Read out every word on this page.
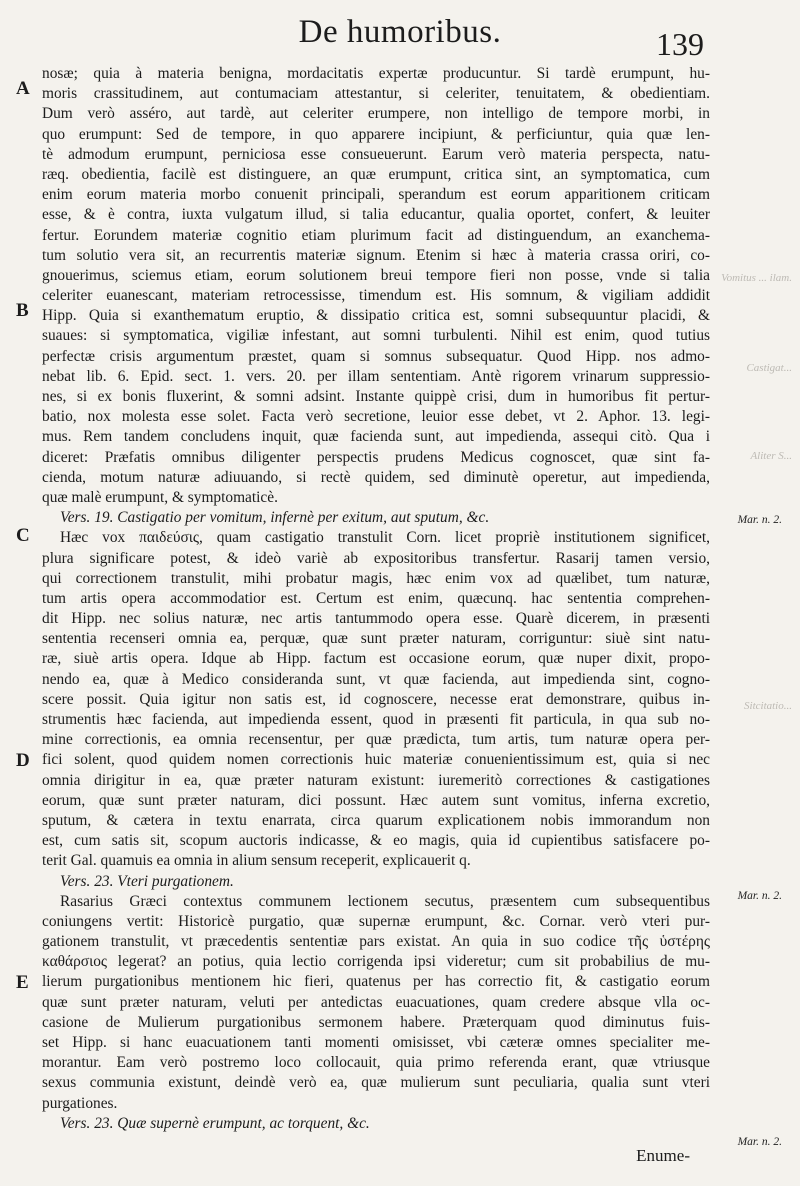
De humoribus.	139
A
B
C
D
E
Vomitus ... ilam.
Castigat...
Aliter S...
Sitcitatio...
Mar. n. 2.
Mar. n. 2.
Mar. n. 2.
nosæ; quia à materia benigna, mordacitatis expertæ producuntur. Si tardè erumpunt, hu-
moris crassitudinem, aut contumaciam attestantur, si celeriter, tenuitatem, & obedientiam.
Dum verò asséro, aut tardè, aut celeriter erumpere, non intelligo de tempore morbi, in
quo erumpunt: Sed de tempore, in quo apparere incipiunt, & perficiuntur, quia quæ len-
tè admodum erumpunt, perniciosa esse consueuerunt. Earum verò materia perspecta, natu-
ræq. obedientia, facilè est distinguere, an quæ erumpunt, critica sint, an symptomatica, cum
enim eorum materia morbo conuenit principali, sperandum est eorum apparitionem criticam
esse, & è contra, iuxta vulgatum illud, si talia educantur, qualia oportet, confert, & leuiter
fertur. Eorundem materiæ cognitio etiam plurimum facit ad distinguendum, an exanchema-
tum solutio vera sit, an recurrentis materiæ signum. Etenim si hæc à materia crassa oriri, co-
gnouerimus, sciemus etiam, eorum solutionem breui tempore fieri non posse, vnde si talia
celeriter euanescant, materiam retrocessisse, timendum est. His somnum, & vigiliam addidit
Hipp. Quia si exanthematum eruptio, & dissipatio critica est, somni subsequuntur placidi, &
suaues: si symptomatica, vigiliæ infestant, aut somni turbulenti. Nihil est enim, quod tutius
perfectæ crisis argumentum præstet, quam si somnus subsequatur. Quod Hipp. nos admo-
nebat lib. 6. Epid. sect. 1. vers. 20. per illam sententiam. Antè rigorem vrinarum suppressio-
nes, si ex bonis fluxerint, & somni adsint. Instante quippè crisi, dum in humoribus fit pertur-
batio, nox molesta esse solet. Facta verò secretione, leuior esse debet, vt 2. Aphor. 13. legi-
mus. Rem tandem concludens inquit, quæ facienda sunt, aut impedienda, assequi citò. Qua i
diceret: Præfatis omnibus diligenter perspectis prudens Medicus cognoscet, quæ sint fa-
cienda, motum naturæ adiuuando, si rectè quidem, sed diminutè operetur, aut impedienda,
quæ malè erumpunt, & symptomaticè.
Vers. 19. Castigatio per vomitum, infernè per exitum, aut sputum, &c.
Hæc vox παιδεύσις, quam castigatio transtulit Corn. licet propriè institutionem significet,
plura significare potest, & ideò variè ab expositoribus transfertur. Rasarij tamen versio,
qui correctionem transtulit, mihi probatur magis, hæc enim vox ad quælibet, tum naturæ,
tum artis opera accommodatior est. Certum est enim, quæcunq. hac sententia comprehen-
dit Hipp. nec solius naturæ, nec artis tantummodo opera esse. Quarè dicerem, in præsenti
sententia recenseri omnia ea, perquæ, quæ sunt præter naturam, corriguntur: siuè sint natu-
ræ, siuè artis opera. Idque ab Hipp. factum est occasione eorum, quæ nuper dixit, propo-
nendo ea, quæ à Medico consideranda sunt, vt quæ facienda, aut impedienda sint, cogno-
scere possit. Quia igitur non satis est, id cognoscere, necesse erat demonstrare, quibus in-
strumentis hæc facienda, aut impedienda essent, quod in præsenti fit particula, in qua sub no-
mine correctionis, ea omnia recensentur, per quæ prædicta, tum artis, tum naturæ opera per-
fici solent, quod quidem nomen correctionis huic materiæ conuenientissimum est, quia si nec
omnia dirigitur in ea, quæ præter naturam existunt: iuremeritò correctiones & castigationes
eorum, quæ sunt præter naturam, dici possunt. Hæc autem sunt vomitus, inferna excretio,
sputum, & cætera in textu enarrata, circa quarum explicationem nobis immorandum non
est, cum satis sit, scopum auctoris indicasse, & eo magis, quia id cupientibus satisfacere po-
terit Gal. quamuis ea omnia in alium sensum receperit, explicauerit q.
Vers. 23. Vteri purgationem.
Rasarius Græci contextus communem lectionem secutus, præsentem cum subsequentibus
coniungens vertit: Historicè purgatio, quæ supernæ erumpunt, &c. Cornar. verò vteri pur-
gationem transtulit, vt præcedentis sententiæ pars existat. An quia in suo codice τῆς ὑστέρης
καθάρσιος legerat? an potius, quia lectio corrigenda ipsi videretur; cum sit probabilius de mu-
lierum purgationibus mentionem hic fieri, quatenus per has correctio fit, & castigatio eorum
quæ sunt præter naturam, veluti per antedictas euacuationes, quam credere absque vlla oc-
casione de Mulierum purgationibus sermonem habere. Præterquam quod diminutus fuis-
set Hipp. si hanc euacuationem tanti momenti omisisset, vbi cæteræ omnes specialiter me-
morantur. Eam verò postremo loco collocauit, quia primo referenda erant, quæ vtriusque
sexus communia existunt, deindè verò ea, quæ mulierum sunt peculiaria, qualia sunt vteri
purgationes.
Vers. 23. Quæ supernè erumpunt, ac torquent, &c.
Enume-
